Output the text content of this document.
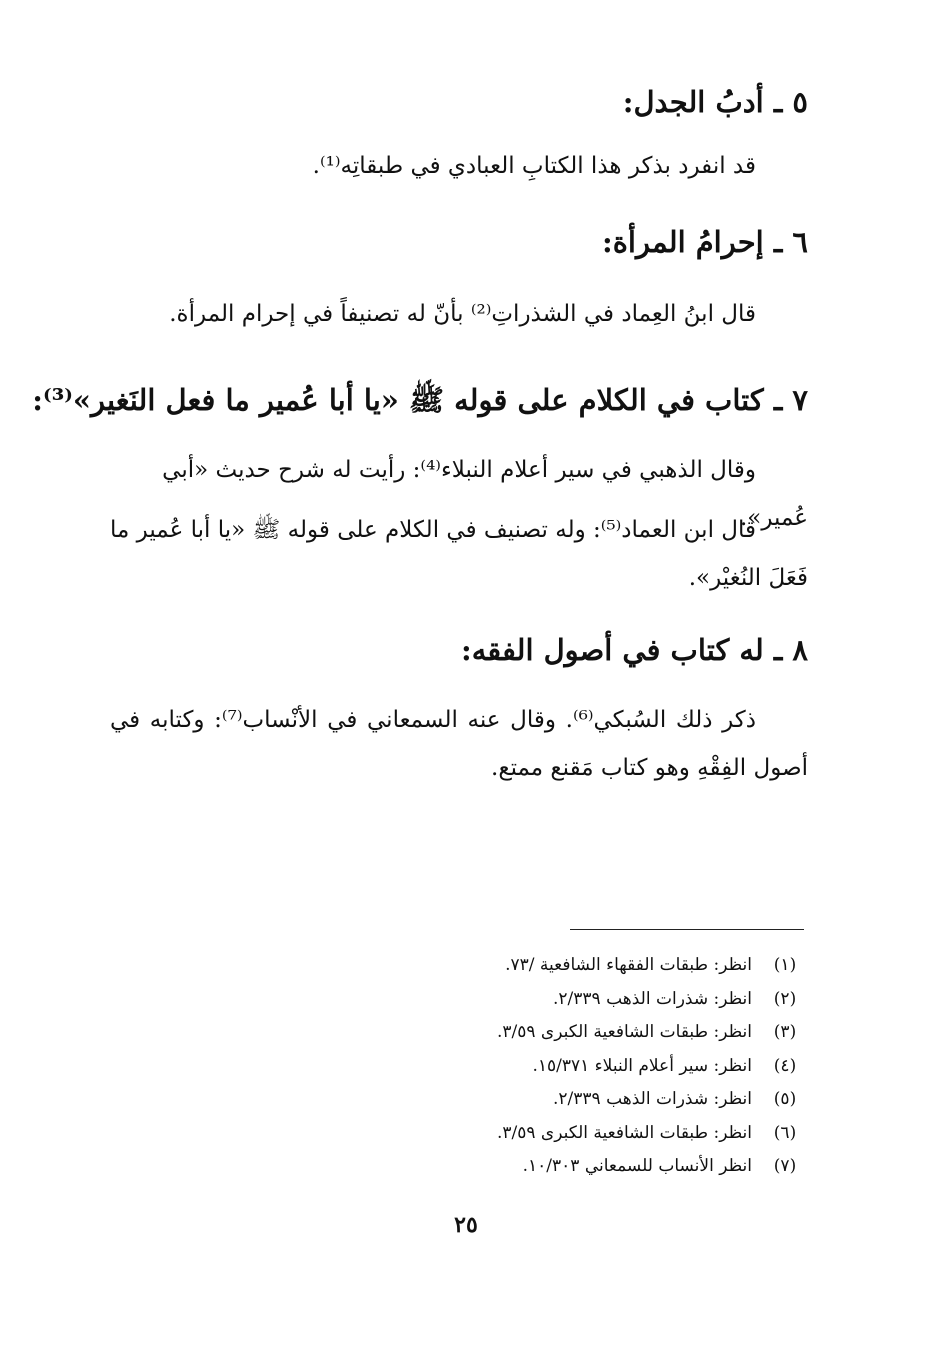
٥ ـ أدبُ الجدل:

قد انفرد بذكر هذا الكتابِ العبادي في طبقاتِه⁽¹⁾.

٦ ـ إحرامُ المرأة:

قال ابنُ العِماد في الشذراتِ⁽²⁾ بأنّ له تصنيفاً في إحرام المرأة.

٧ ـ كتاب في الكلام على قوله ﷺ «يا أبا عُمير ما فعل النَغير»⁽³⁾:

وقال الذهبي في سير أعلام النبلاء⁽⁴⁾: رأيت له شرح حديث «أبي عُمير».

قال ابن العماد⁽⁵⁾: وله تصنيف في الكلام على قوله ﷺ «يا أبا عُمير ما فَعَلَ النُغيْر».

٨ ـ له كتاب في أصول الفقه:

ذكر ذلك السُبكي⁽⁶⁾. وقال عنه السمعاني في الأنْساب⁽⁷⁾: وكتابه في أصول الفِقْهِ وهو كتاب مَقنع ممتع.

(١)
انظر: طبقات الفقهاء الشافعية /٧٣.
(٢)
انظر: شذرات الذهب ٢/٣٣٩.
(٣)
انظر: طبقات الشافعية الكبرى ٣/٥٩.
(٤)
انظر: سير أعلام النبلاء ١٥/٣٧١.
(٥)
انظر: شذرات الذهب ٢/٣٣٩.
(٦)
انظر: طبقات الشافعية الكبرى ٣/٥٩.
(٧)
انظر الأنساب للسمعاني ١٠/٣٠٣.
٢٥
